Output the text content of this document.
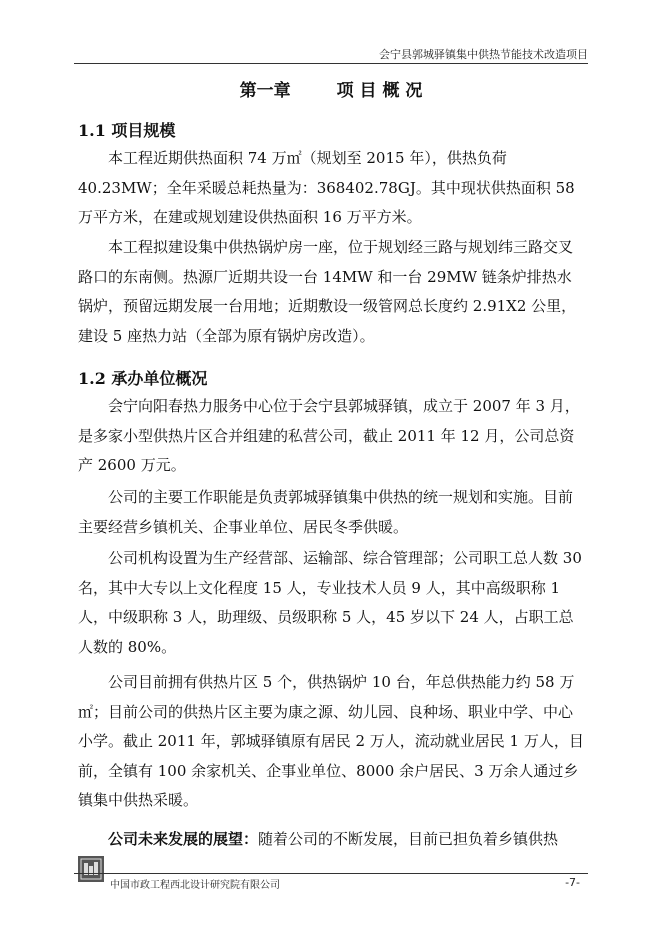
会宁县郭城驿镇集中供热节能技术改造项目
第一章	项 目 概 况
1.1 项目规模

本工程近期供热面积 74 万㎡（规划至 2015 年），供热负荷 40.23MW；全年采暖总耗热量为：368402.78GJ。其中现状供热面积 58 万平方米，在建或规划建设供热面积 16 万平方米。

本工程拟建设集中供热锅炉房一座，位于规划经三路与规划纬三路交叉路口的东南侧。热源厂近期共设一台 14MW 和一台 29MW 链条炉排热水锅炉，预留远期发展一台用地；近期敷设一级管网总长度约 2.91X2 公里，建设 5 座热力站（全部为原有锅炉房改造）。

1.2 承办单位概况

会宁向阳春热力服务中心位于会宁县郭城驿镇，成立于 2007 年 3 月，是多家小型供热片区合并组建的私营公司，截止 2011 年 12 月，公司总资产 2600 万元。

公司的主要工作职能是负责郭城驿镇集中供热的统一规划和实施。目前主要经营乡镇机关、企事业单位、居民冬季供暖。

公司机构设置为生产经营部、运输部、综合管理部；公司职工总人数 30 名，其中大专以上文化程度 15 人，专业技术人员 9 人，其中高级职称 1 人，中级职称 3 人，助理级、员级职称 5 人，45 岁以下 24 人，占职工总人数的 80%。

公司目前拥有供热片区 5 个，供热锅炉 10 台，年总供热能力约 58 万㎡；目前公司的供热片区主要为康之源、幼儿园、良种场、职业中学、中心小学。截止 2011 年，郭城驿镇原有居民 2 万人，流动就业居民 1 万人，目前，全镇有 100 余家机关、企事业单位、8000 余户居民、3 万余人通过乡镇集中供热采暖。

公司未来发展的展望：随着公司的不断发展，目前已担负着乡镇供热

中国市政工程西北设计研究院有限公司	-7-
